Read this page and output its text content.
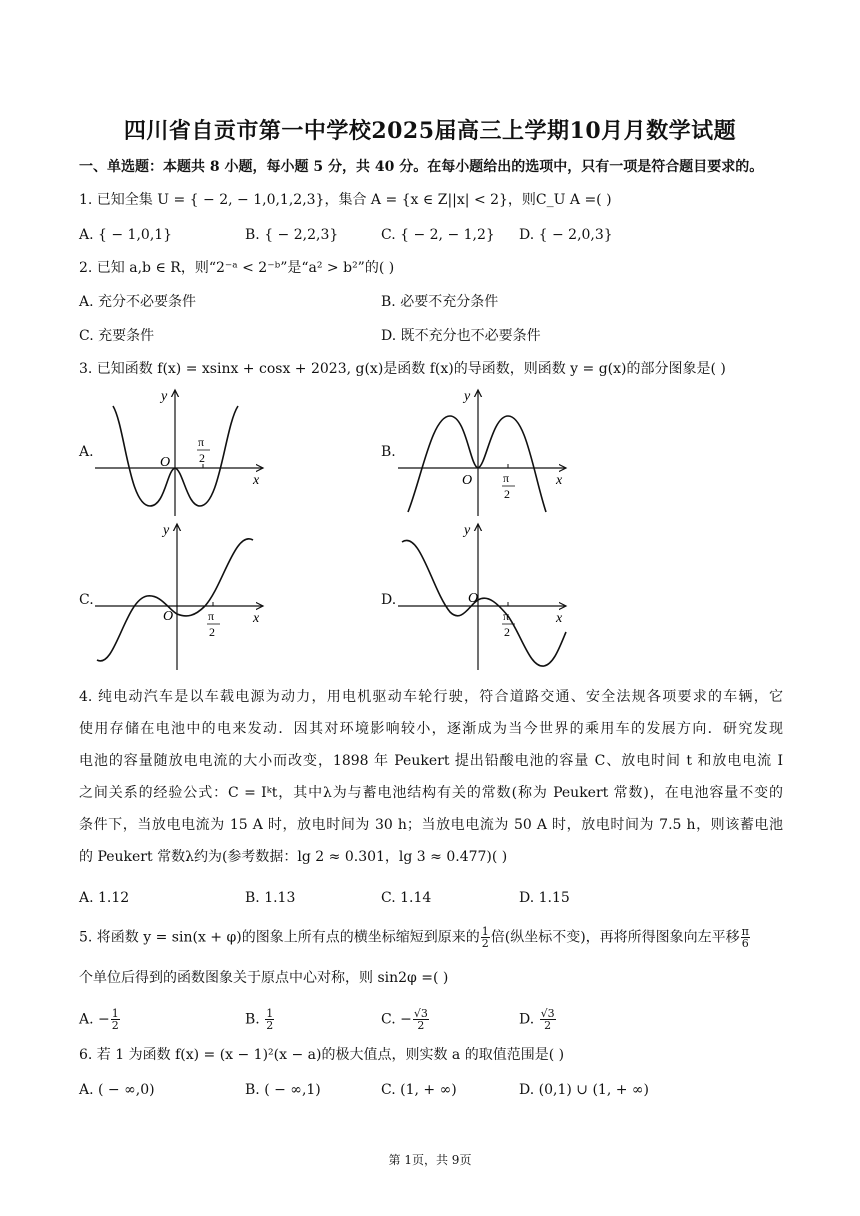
四川省自贡市第一中学校2025届高三上学期10月月数学试题
一、单选题：本题共 8 小题，每小题 5 分，共 40 分。在每小题给出的选项中，只有一项是符合题目要求的。
1. 已知全集 U = { − 2, − 1,0,1,2,3}，集合 A = {x ∈ Z||x| < 2}，则C_U A =( )
A. { − 1,0,1}	B. { − 2,2,3}	C. { − 2, − 1,2} D. { − 2,0,3}
2. 已知 a,b ∈ R，则“2⁻ᵃ < 2⁻ᵇ”是“a² > b²”的( )
A. 充分不必要条件	B. 必要不充分条件
C. 充要条件	D. 既不充分也不必要条件
3. 已知函数 f(x) = xsinx + cosx + 2023, g(x)是函数 f(x)的导函数，则函数 y = g(x)的部分图象是( )
A.
y
x
O
π
2	B.
y
x
O	π
2
C.
y
x
O	π
2
D.
y
x
O
π
2
4. 纯电动汽车是以车载电源为动力，用电机驱动车轮行驶，符合道路交通、安全法规各项要求的车辆，它
使用存储在电池中的电来发动．因其对环境影响较小，逐渐成为当今世界的乘用车的发展方向．研究发现
电池的容量随放电电流的大小而改变，1898 年 Peukert 提出铅酸电池的容量 C、放电时间 t 和放电电流 I
之间关系的经验公式：C = Iᵏt，其中λ为与蓄电池结构有关的常数(称为 Peukert 常数)，在电池容量不变的
条件下，当放电电流为 15 A 时，放电时间为 30 h；当放电电流为 50 A 时，放电时间为 7.5 h，则该蓄电池
的 Peukert 常数λ约为(参考数据：lg 2 ≈ 0.301，lg 3 ≈ 0.477)( )
A. 1.12	B. 1.13	C. 1.14	D. 1.15
5. 将函数 y = sin(x + φ)的图象上所有点的横坐标缩短到原来的 $\frac{1}{2}$ 倍(纵坐标不变)，再将所得图象向左平移 $\frac{\pi}{6}$
个单位后得到的函数图象关于原点中心对称，则 sin2φ =( )
A. − $\frac{1}{2}$	B. $\frac{1}{2}$	C. − $\frac{√3}{2}$	D. $\frac{√3}{2}$
6. 若 1 为函数 f(x) = (x − 1)²(x − a)的极大值点，则实数 a 的取值范围是( )
A. ( − ∞,0)	B. ( − ∞,1)	C. (1, + ∞)	D. (0,1) ∪ (1, + ∞)
第 1页，共 9页
